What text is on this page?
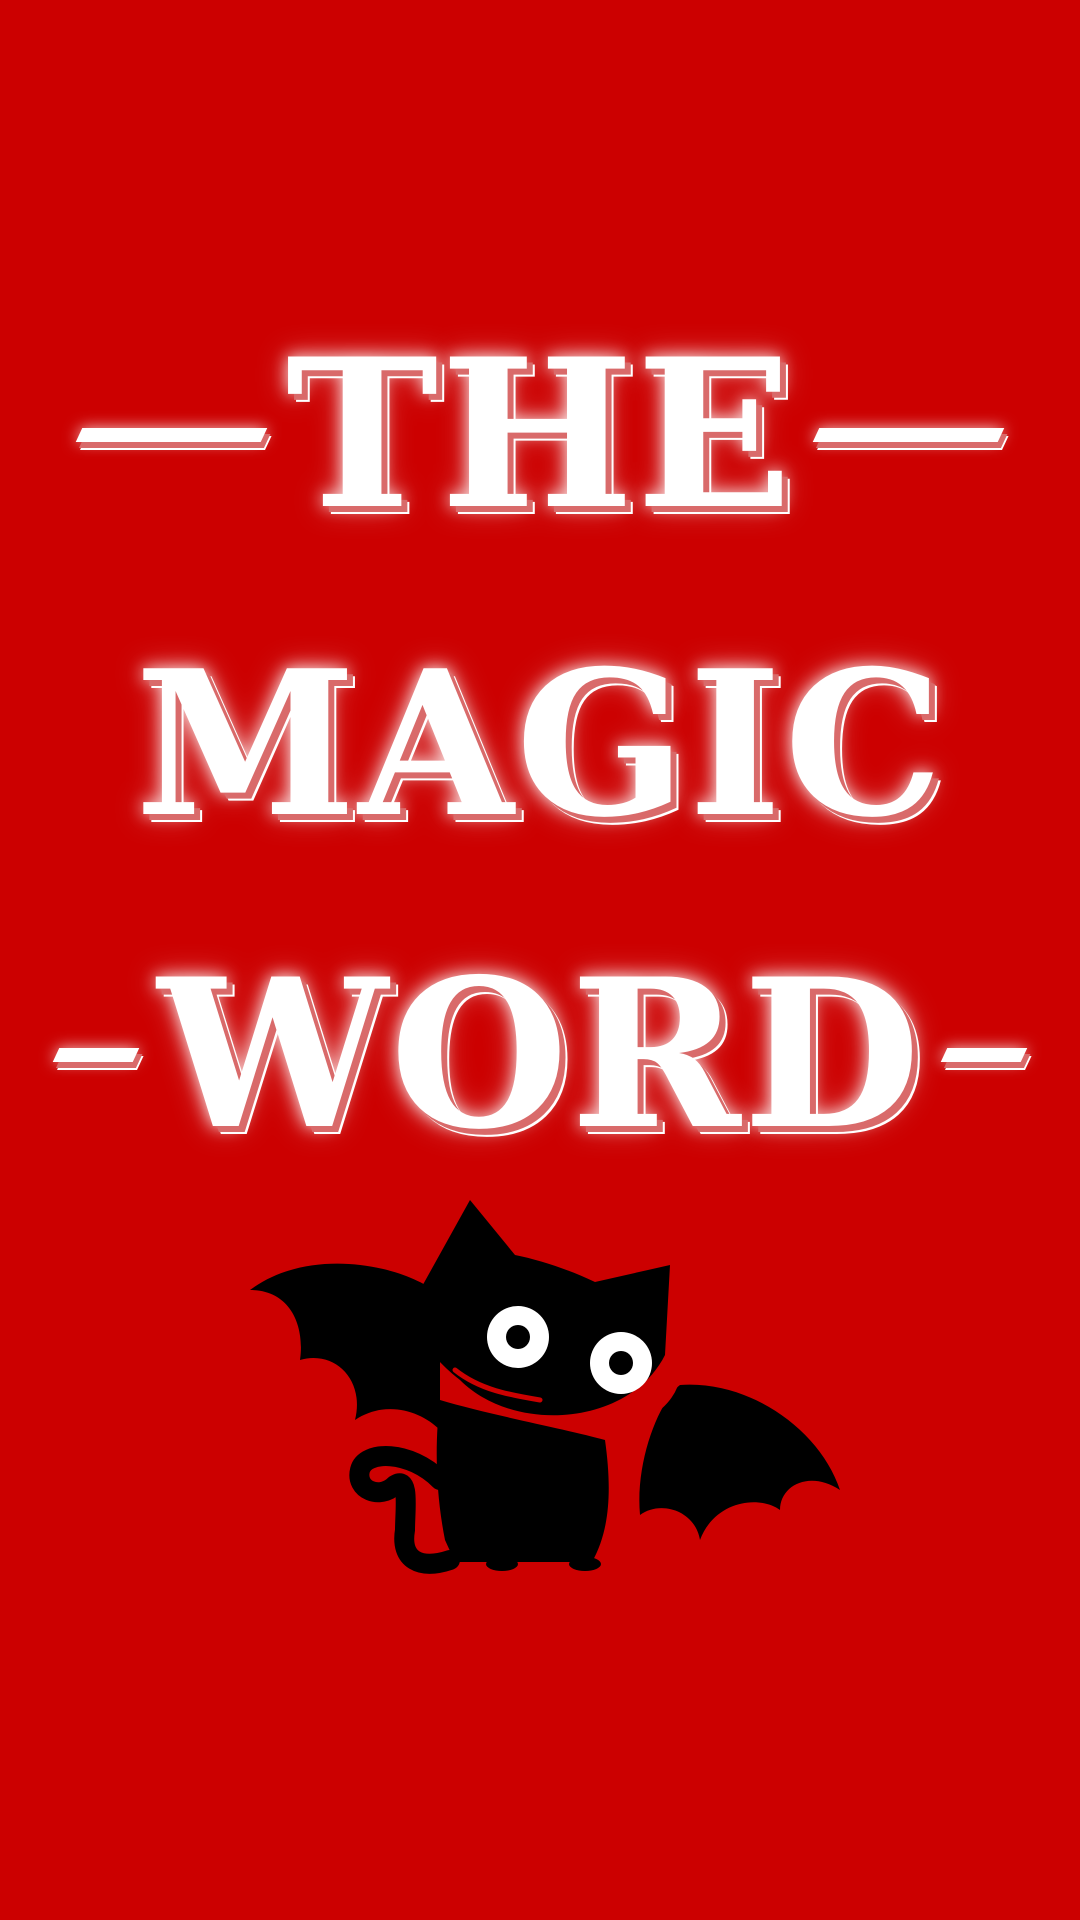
THE
MAGIC
WORD
